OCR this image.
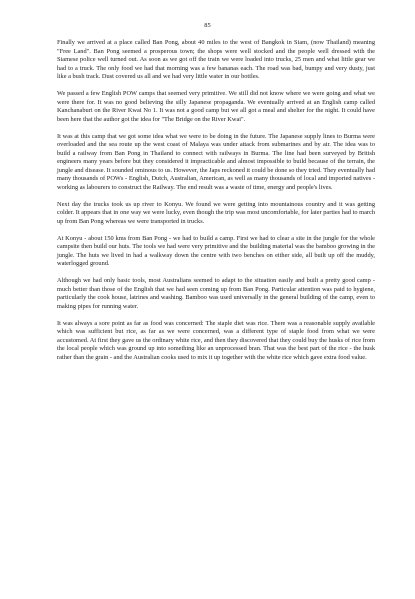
85

Finally we arrived at a place called Ban Pong, about 40 miles to the west of Bangkok in Siam, (now Thailand) meaning "Free Land". Ban Pong seemed a prosperous town; the shops were well stocked and the people well dressed with the Siamese police well turned out. As soon as we got off the train we were loaded into trucks, 25 men and what little gear we had to a truck. The only food we had that morning was a few bananas each. The road was bad, bumpy and very dusty, just like a bush track. Dust covered us all and we had very little water in our bottles.

We passed a few English POW camps that seemed very primitive. We still did not know where we were going and what we were there for. It was no good believing the silly Japanese propaganda. We eventually arrived at an English camp called Kanchanaburi on the River Kwai No 1. It was not a good camp but we all got a meal and shelter for the night. It could have been here that the author got the idea for "The Bridge on the River Kwai".

It was at this camp that we got some idea what we were to be doing in the future. The Japanese supply lines to Burma were overloaded and the sea route up the west coast of Malaya was under attack from submarines and by air. The idea was to build a railway from Ban Pong in Thailand to connect with railways in Burma. The line had been surveyed by British engineers many years before but they considered it impracticable and almost impossible to build because of the terrain, the jungle and disease. It sounded ominous to us. However, the Japs reckoned it could be done so they tried. They eventually had many thousands of POWs - English, Dutch, Australian, American, as well as many thousands of local and imported natives - working as labourers to construct the Railway. The end result was a waste of time, energy and people's lives.

Next day the trucks took us up river to Konyu. We found we were getting into mountainous country and it was getting colder. It appears that in one way we were lucky, even though the trip was most uncomfortable, for later parties had to march up from Ban Pong whereas we were transported in trucks.

At Konyu - about 150 kms from Ban Pong - we had to build a camp. First we had to clear a site in the jungle for the whole campsite then build our huts. The tools we had were very primitive and the building material was the bamboo growing in the jungle. The huts we lived in had a walkway down the centre with two benches on either side, all built up off the muddy, waterlogged ground.

Although we had only basic tools, most Australians seemed to adapt to the situation easily and built a pretty good camp - much better than those of the English that we had seen coming up from Ban Pong. Particular attention was paid to hygiene, particularly the cook house, latrines and washing. Bamboo was used universally in the general building of the camp, even to making pipes for running water.

It was always a sore point as far as food was concerned: The staple diet was rice. There was a reasonable supply available which was sufficient but rice, as far as we were concerned, was a different type of staple food from what we were accustomed. At first they gave us the ordinary white rice, and then they discovered that they could buy the husks of rice from the local people which was ground up into something like an unprocessed bran. That was the best part of the rice - the husk rather than the grain - and the Australian cooks used to mix it up together with the white rice which gave extra food value.
